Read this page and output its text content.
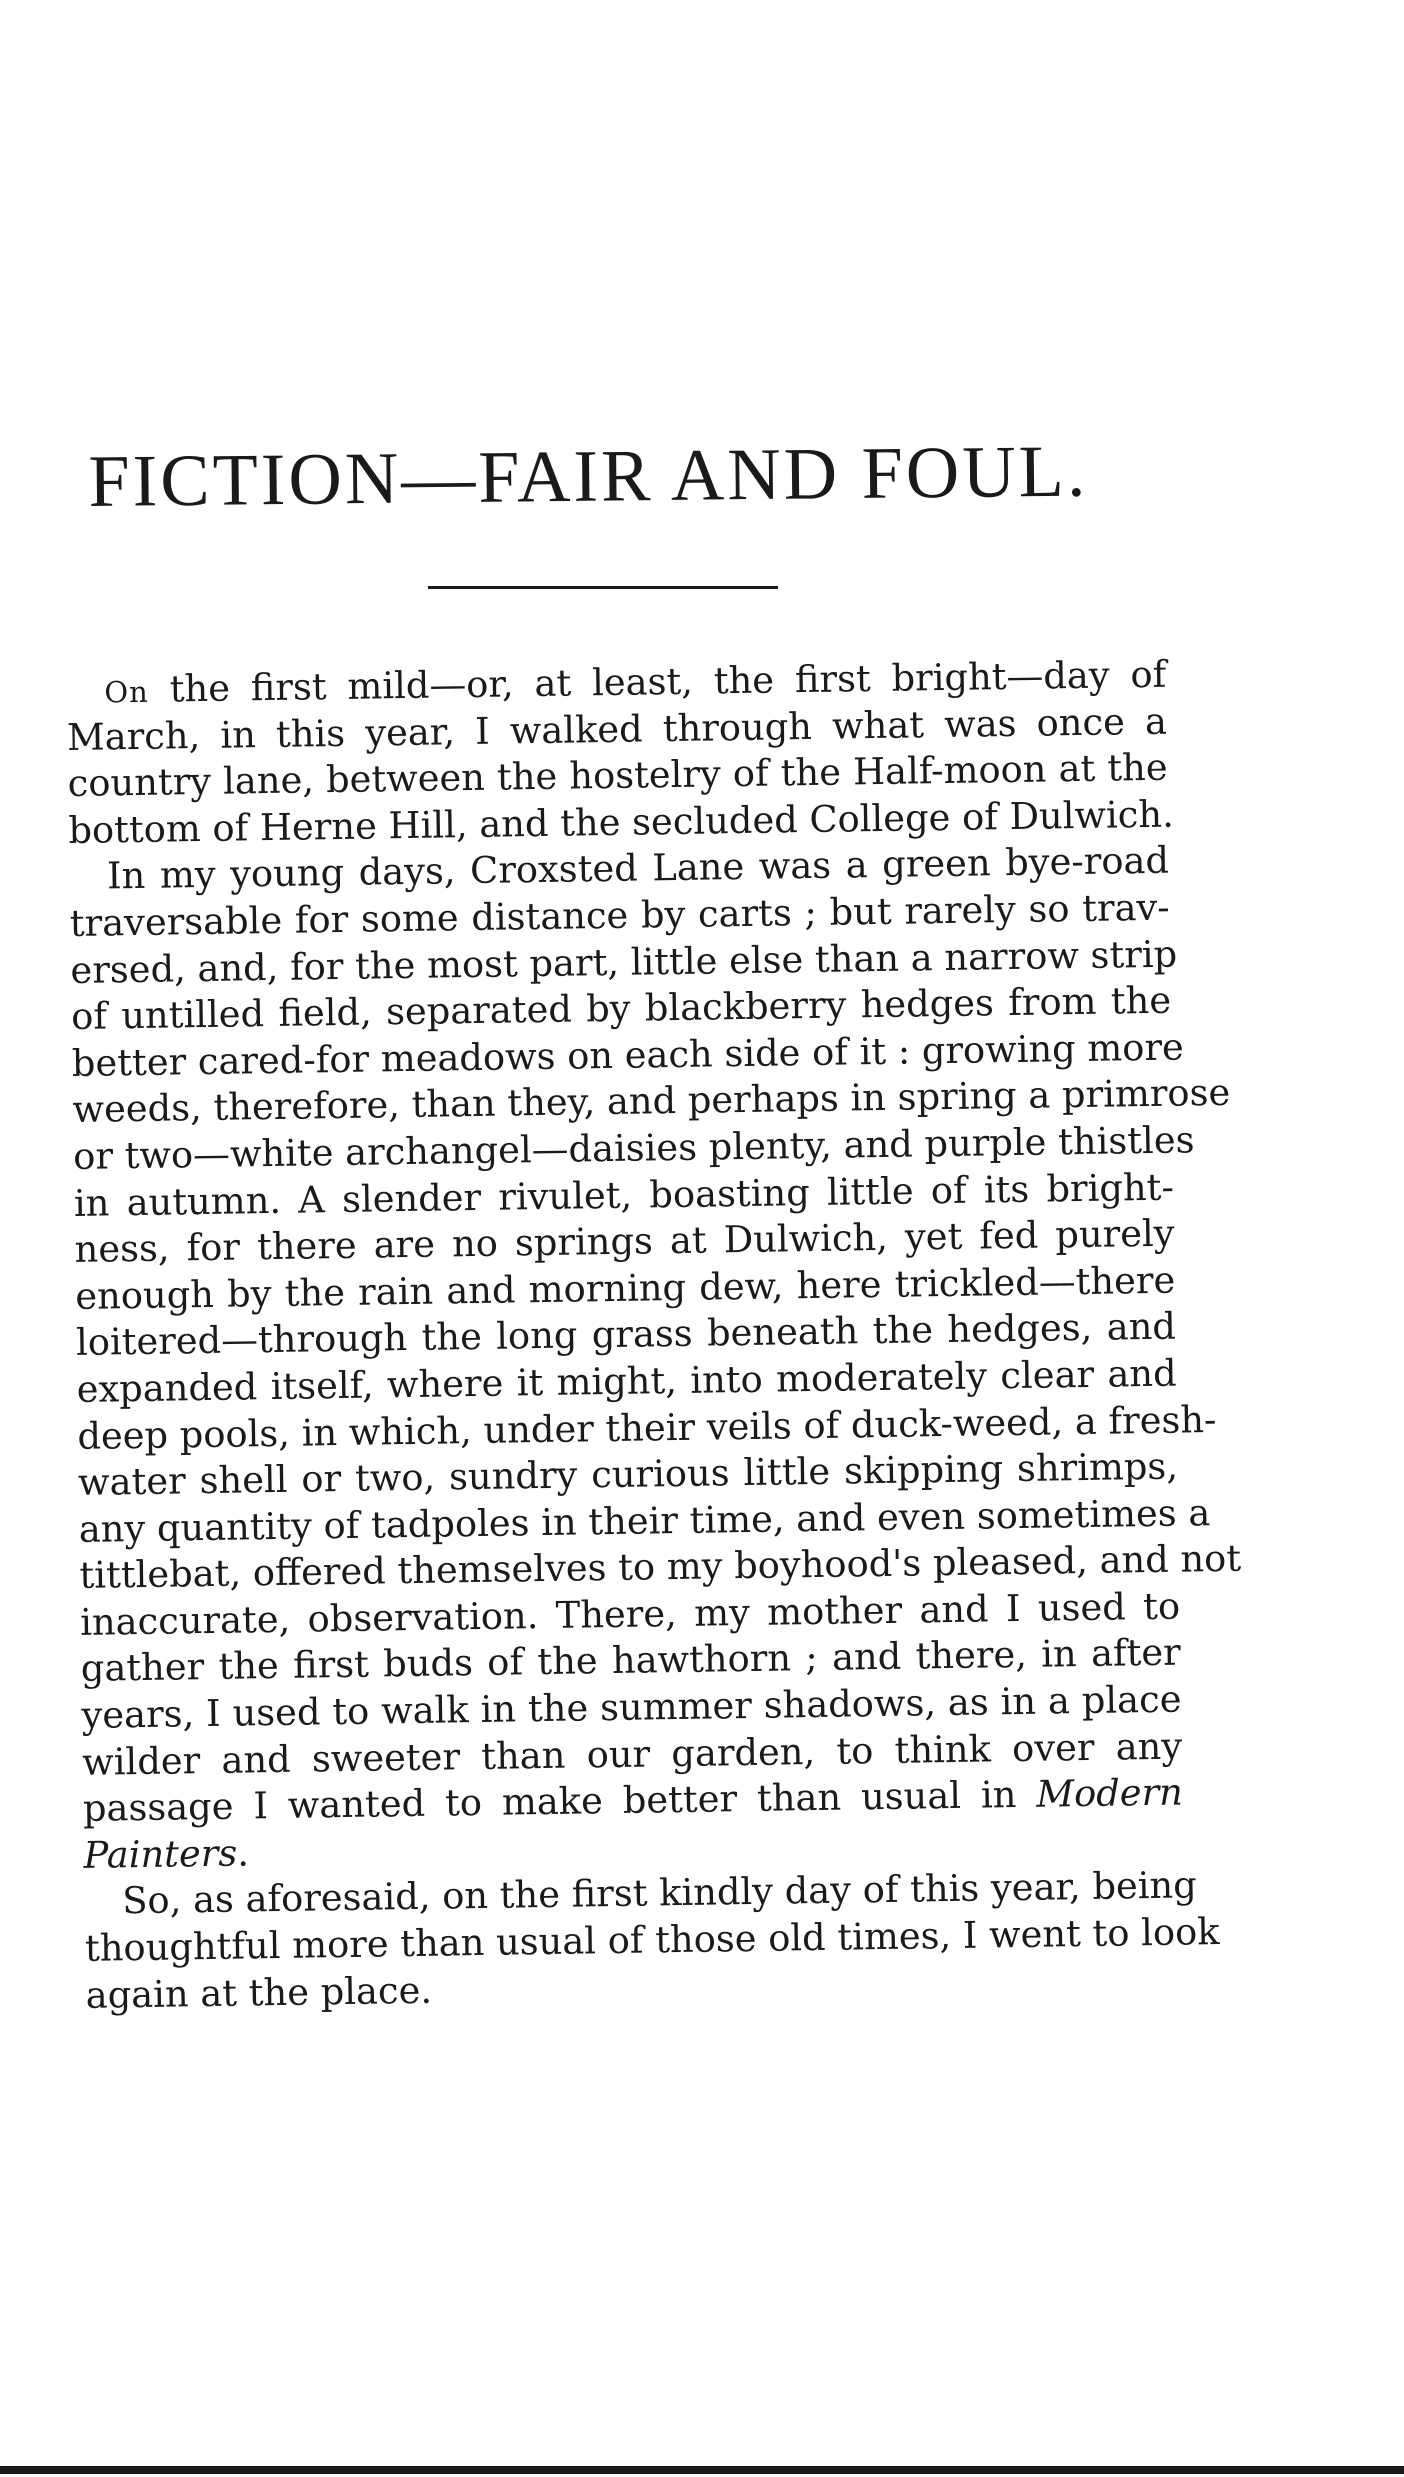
FICTION—FAIR AND FOUL.
On the first mild—or, at least, the first bright—day of
March, in this year, I walked through what was once a
country lane, between the hostelry of the Half-moon at the
bottom of Herne Hill, and the secluded College of Dulwich.
In my young days, Croxsted Lane was a green bye-road
traversable for some distance by carts ; but rarely so trav-
ersed, and, for the most part, little else than a narrow strip
of untilled field, separated by blackberry hedges from the
better cared-for meadows on each side of it : growing more
weeds, therefore, than they, and perhaps in spring a primrose
or two—white archangel—daisies plenty, and purple thistles
in autumn. A slender rivulet, boasting little of its bright-
ness, for there are no springs at Dulwich, yet fed purely
enough by the rain and morning dew, here trickled—there
loitered—through the long grass beneath the hedges, and
expanded itself, where it might, into moderately clear and
deep pools, in which, under their veils of duck-weed, a fresh-
water shell or two, sundry curious little skipping shrimps,
any quantity of tadpoles in their time, and even sometimes a
tittlebat, offered themselves to my boyhood's pleased, and not
inaccurate, observation. There, my mother and I used to
gather the first buds of the hawthorn ; and there, in after
years, I used to walk in the summer shadows, as in a place
wilder and sweeter than our garden, to think over any
passage I wanted to make better than usual in Modern
Painters.
So, as aforesaid, on the first kindly day of this year, being
thoughtful more than usual of those old times, I went to look
again at the place.
